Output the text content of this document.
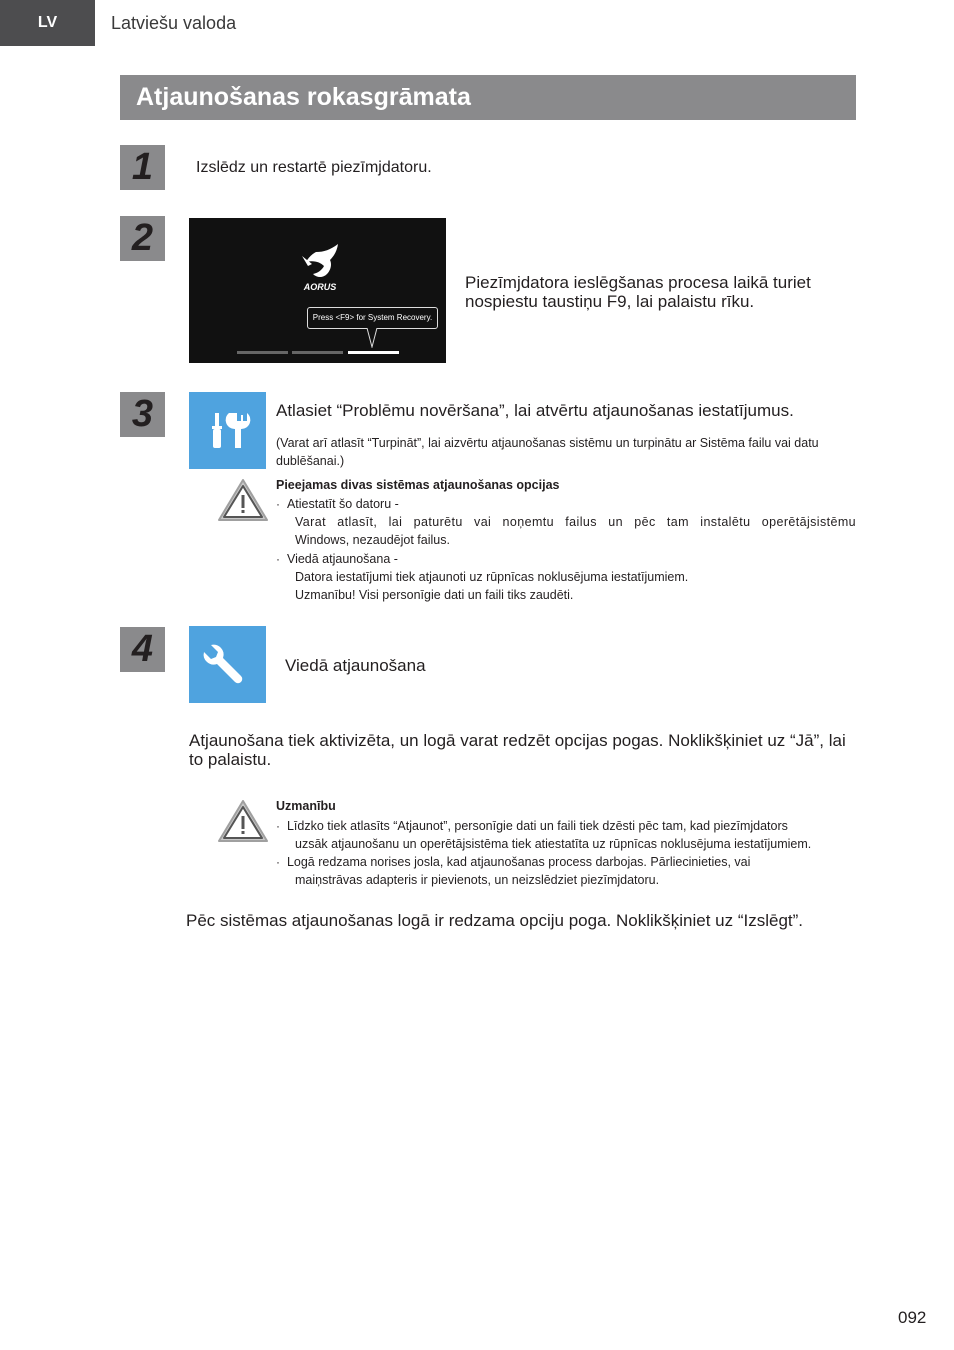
LV	Latviešu valoda
Atjaunošanas rokasgrāmata
1	Izslēdz un restartē piezīmjdatoru.
2
AORUS
Press <F9> for System Recovery.
Piezīmjdatora ieslēgšanas procesa laikā turiet nospiestu taustiņu F9, lai palaistu rīku.
3	Atlasiet “Problēmu novēršana”, lai atvērtu atjaunošanas iestatījumus.
(Varat arī atlasīt “Turpināt”, lai aizvērtu atjaunošanas sistēmu un turpinātu ar Sistēma failu vai datu dublēšanai.)
Pieejamas divas sistēmas atjaunošanas opcijas
· Atiestatīt šo datoru -
Varat atlasīt, lai paturētu vai noņemtu failus un pēc tam instalētu operētājsistēmu
Windows, nezaudējot failus.
· Viedā atjaunošana -
Datora iestatījumi tiek atjaunoti uz rūpnīcas noklusējuma iestatījumiem.
Uzmanību! Visi personīgie dati un faili tiks zaudēti.
4	Viedā atjaunošana
Atjaunošana tiek aktivizēta, un logā varat redzēt opcijas pogas. Noklikšķiniet uz “Jā”, lai to palaistu.
Uzmanību
· Līdzko tiek atlasīts “Atjaunot”, personīgie dati un faili tiek dzēsti pēc tam, kad piezīmjdators
uzsāk atjaunošanu un operētājsistēma tiek atiestatīta uz rūpnīcas noklusējuma iestatījumiem.
· Logā redzama norises josla, kad atjaunošanas process darbojas. Pārliecinieties, vai
maiņstrāvas adapteris ir pievienots, un neizslēdziet piezīmjdatoru.
Pēc sistēmas atjaunošanas logā ir redzama opciju poga. Noklikšķiniet uz “Izslēgt”.
092
